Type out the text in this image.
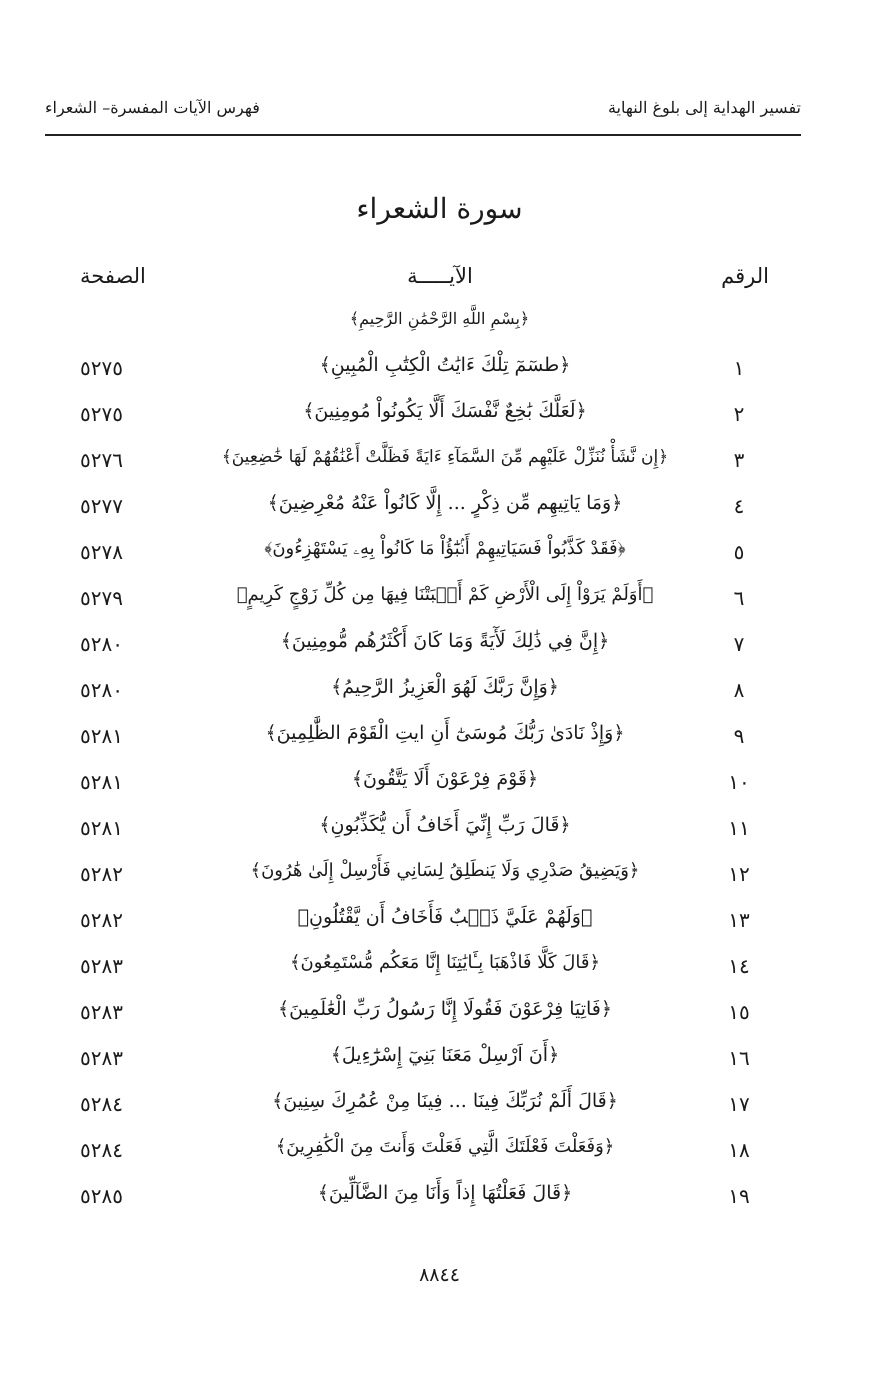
تفسير الهداية إلى بلوغ النهاية
فهرس الآيات المفسرة– الشعراء
سورة الشعراء
الرقم
الآيـــــة
الصفحة
﴿بِسْمِ اللَّهِ الرَّحْمَٰنِ الرَّحِيمِ﴾
١
﴿طسٓمٓ تِلْكَ ءَايَٰتُ الْكِتَٰبِ الْمُبِينِ﴾
٥٢٧٥
٢
﴿لَعَلَّكَ بَٰخِعٌ نَّفْسَكَ أَلَّا يَكُونُواْ مُومِنِينَ﴾
٥٢٧٥
٣
﴿إِن نَّشَأْ نُنَزِّلْ عَلَيْهِم مِّنَ السَّمَآءِ ءَايَةً فَظَلَّتْ أَعْنَٰقُهُمْ لَهَا خَٰضِعِينَ﴾
٥٢٧٦
٤
﴿وَمَا يَاتِيهِم مِّن ذِكْرٍ ... إِلَّا كَانُواْ عَنْهُ مُعْرِضِينَ﴾
٥٢٧٧
٥
﴿فَقَدْ كَذَّبُواْ فَسَيَاتِيهِمْ أَنۢبَٰٓؤُاْ مَا كَانُواْ بِهِۦ يَسْتَهْزِءُونَ﴾
٥٢٧٨
٦
﴿أَوَلَمْ يَرَوْاْ إِلَى الْأَرْضِ كَمْ أَنۢبَتْنَا فِيهَا مِن كُلِّ زَوْجٍ كَرِيمٍ﴾
٥٢٧٩
٧
﴿إِنَّ فِي ذَٰلِكَ لَأٓيَةً وَمَا كَانَ أَكْثَرُهُم مُّومِنِينَ﴾
٥٢٨٠
٨
﴿وَإِنَّ رَبَّكَ لَهُوَ الْعَزِيزُ الرَّحِيمُ﴾
٥٢٨٠
٩
﴿وَإِذْ نَادَىٰ رَبُّكَ مُوسَىٰٓ أَنِ ايتِ الْقَوْمَ الظَّٰلِمِينَ﴾
٥٢٨١
١٠
﴿قَوْمَ فِرْعَوْنَ أَلَا يَتَّقُونَ﴾
٥٢٨١
١١
﴿قَالَ رَبِّ إِنِّيَ أَخَافُ أَن يُّكَذِّبُونِ﴾
٥٢٨١
١٢
﴿وَيَضِيقُ صَدْرِي وَلَا يَنطَلِقُ لِسَانِي فَأَرْسِلْ إِلَىٰ هَٰرُونَ﴾
٥٢٨٢
١٣
﴿وَلَهُمْ عَلَيَّ ذَنۢبٌ فَأَخَافُ أَن يَّقْتُلُونِ﴾
٥٢٨٢
١٤
﴿قَالَ كَلَّا فَاذْهَبَا بِـَٔايَٰتِنَا إِنَّا مَعَكُم مُّسْتَمِعُونَ﴾
٥٢٨٣
١٥
﴿فَاتِيَا فِرْعَوْنَ فَقُولَا إِنَّا رَسُولُ رَبِّ الْعَٰلَمِينَ﴾
٥٢٨٣
١٦
﴿أَنَ اَرْسِلْ مَعَنَا بَنِيٓ إِسْرَٰٓءِيلَ﴾
٥٢٨٣
١٧
﴿قَالَ أَلَمْ نُرَبِّكَ فِينَا ... فِينَا مِنْ عُمُرِكَ سِنِينَ﴾
٥٢٨٤
١٨
﴿وَفَعَلْتَ فَعْلَتَكَ الَّتِي فَعَلْتَ وَأَنتَ مِنَ الْكَٰفِرِينَ﴾
٥٢٨٤
١٩
﴿قَالَ فَعَلْتُهَا إِذاً وَأَنَا مِنَ الضَّآلِّينَ﴾
٥٢٨٥
٨٨٤٤
